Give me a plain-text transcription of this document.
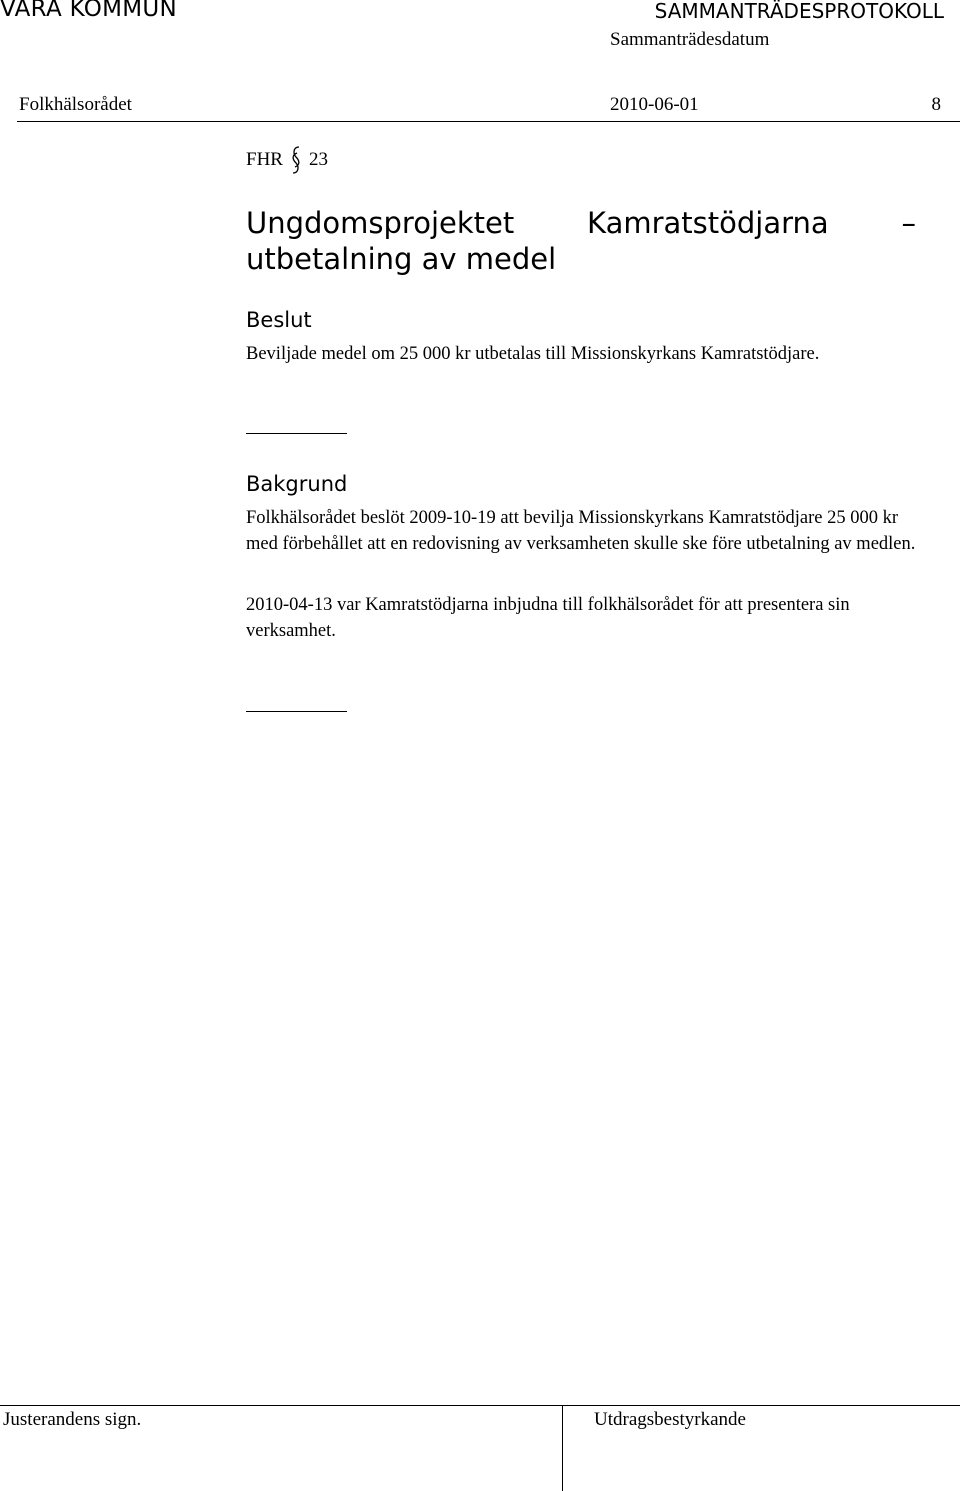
VARA KOMMUN	SAMMANTRÄDESPROTOKOLL
Sammanträdesdatum
Folkhälsorådet	2010-06-01	8
FHR 23
Ungdomsprojektet Kamratstödjarna – utbetalning av medel
Beslut

Beviljade medel om 25 000 kr utbetalas till Missionskyrkans Kamratstödjare.

Bakgrund

Folkhälsorådet beslöt 2009-10-19 att bevilja Missionskyrkans Kamratstödjare 25 000 kr med förbehållet att en redovisning av verksamheten skulle ske före utbetalning av medlen.

2010-04-13 var Kamratstödjarna inbjudna till folkhälsorådet för att presentera sin verksamhet.

Justerandens sign.	Utdragsbestyrkande
